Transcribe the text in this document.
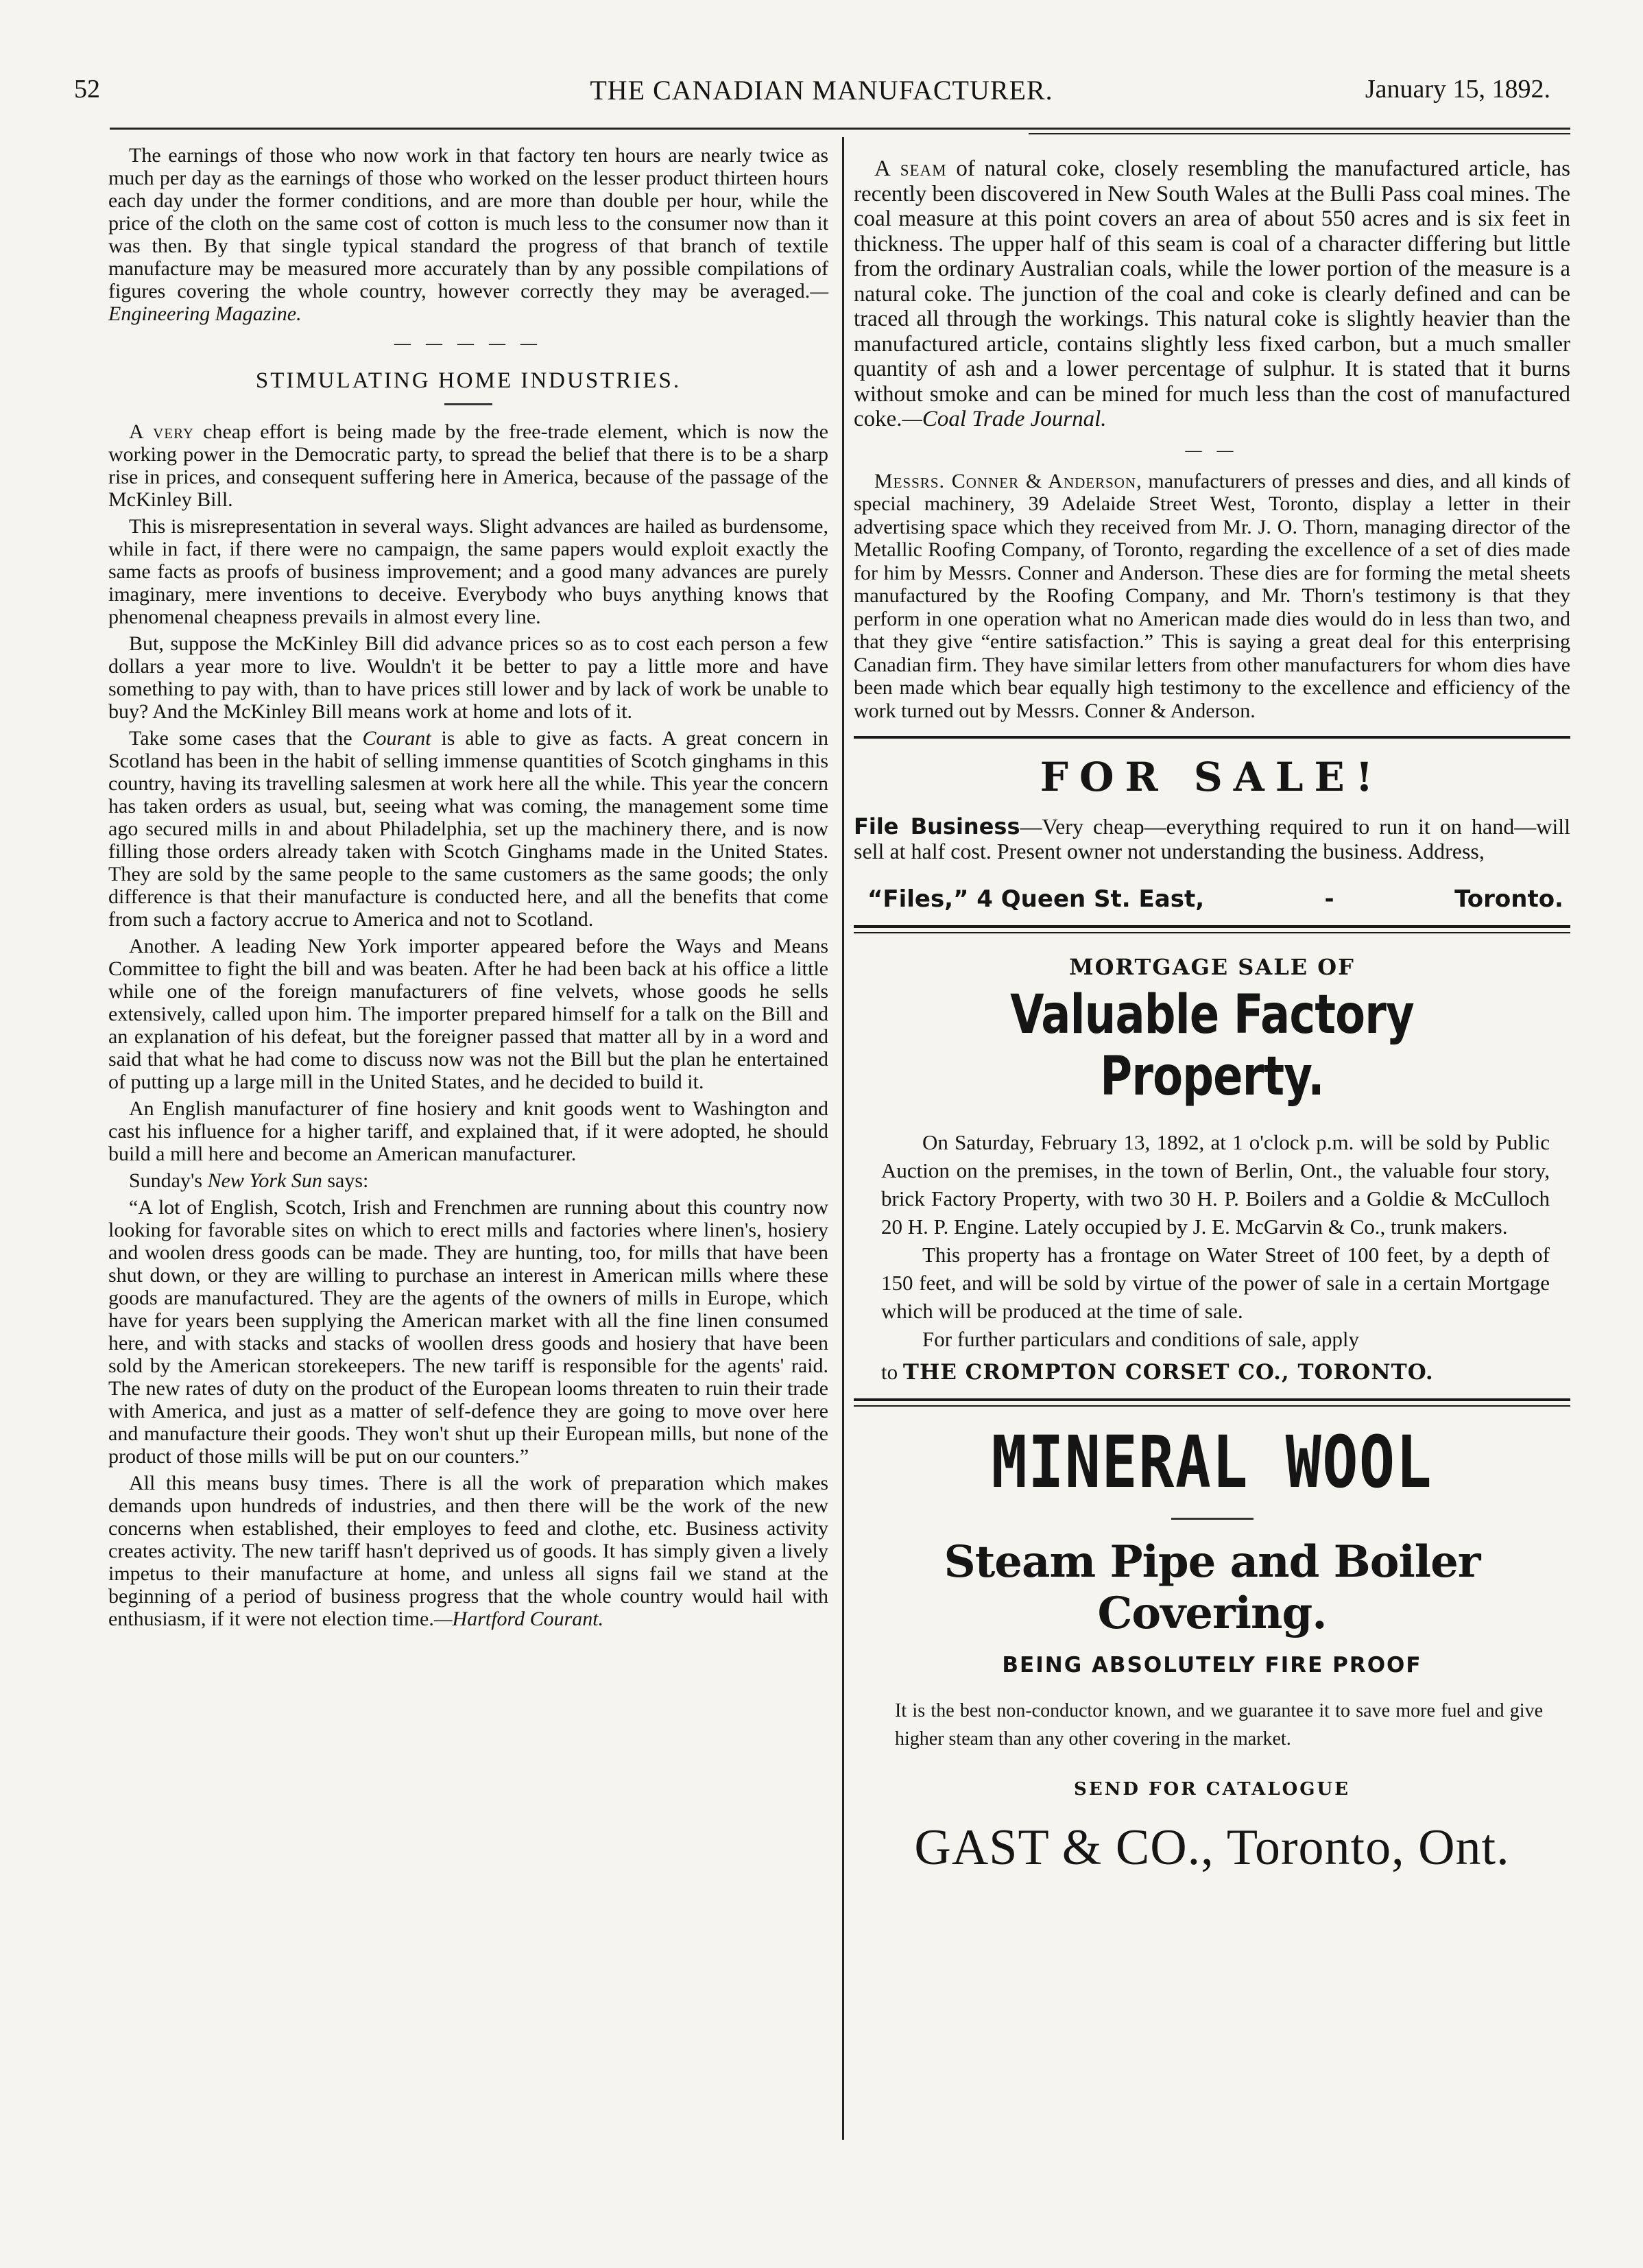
52	THE CANADIAN MANUFACTURER.	January 15, 1892.

The earnings of those who now work in that factory ten hours are nearly twice as much per day as the earnings of those who worked on the lesser product thirteen hours each day under the former conditions, and are more than double per hour, while the price of the cloth on the same cost of cotton is much less to the consumer now than it was then. By that single typical standard the progress of that branch of textile manufacture may be measured more accurately than by any possible compilations of figures covering the whole country, however correctly they may be averaged.—Engineering Magazine.

— — — — —
STIMULATING HOME INDUSTRIES.

A very cheap effort is being made by the free-trade element, which is now the working power in the Democratic party, to spread the belief that there is to be a sharp rise in prices, and consequent suffering here in America, because of the passage of the McKinley Bill.

This is misrepresentation in several ways. Slight advances are hailed as burdensome, while in fact, if there were no campaign, the same papers would exploit exactly the same facts as proofs of business improvement; and a good many advances are purely imaginary, mere inventions to deceive. Everybody who buys anything knows that phenomenal cheapness prevails in almost every line.

But, suppose the McKinley Bill did advance prices so as to cost each person a few dollars a year more to live. Wouldn't it be better to pay a little more and have something to pay with, than to have prices still lower and by lack of work be unable to buy? And the McKinley Bill means work at home and lots of it.

Take some cases that the Courant is able to give as facts. A great concern in Scotland has been in the habit of selling immense quantities of Scotch ginghams in this country, having its travelling salesmen at work here all the while. This year the concern has taken orders as usual, but, seeing what was coming, the management some time ago secured mills in and about Philadelphia, set up the machinery there, and is now filling those orders already taken with Scotch Ginghams made in the United States. They are sold by the same people to the same customers as the same goods; the only difference is that their manufacture is conducted here, and all the benefits that come from such a factory accrue to America and not to Scotland.

Another. A leading New York importer appeared before the Ways and Means Committee to fight the bill and was beaten. After he had been back at his office a little while one of the foreign manufacturers of fine velvets, whose goods he sells extensively, called upon him. The importer prepared himself for a talk on the Bill and an explanation of his defeat, but the foreigner passed that matter all by in a word and said that what he had come to discuss now was not the Bill but the plan he entertained of putting up a large mill in the United States, and he decided to build it.

An English manufacturer of fine hosiery and knit goods went to Washington and cast his influence for a higher tariff, and explained that, if it were adopted, he should build a mill here and become an American manufacturer.

Sunday's New York Sun says:

“A lot of English, Scotch, Irish and Frenchmen are running about this country now looking for favorable sites on which to erect mills and factories where linen's, hosiery and woolen dress goods can be made. They are hunting, too, for mills that have been shut down, or they are willing to purchase an interest in American mills where these goods are manufactured. They are the agents of the owners of mills in Europe, which have for years been supplying the American market with all the fine linen consumed here, and with stacks and stacks of woollen dress goods and hosiery that have been sold by the American storekeepers. The new tariff is responsible for the agents' raid. The new rates of duty on the product of the European looms threaten to ruin their trade with America, and just as a matter of self-defence they are going to move over here and manufacture their goods. They won't shut up their European mills, but none of the product of those mills will be put on our counters.”

All this means busy times. There is all the work of preparation which makes demands upon hundreds of industries, and then there will be the work of the new concerns when established, their employes to feed and clothe, etc. Business activity creates activity. The new tariff hasn't deprived us of goods. It has simply given a lively impetus to their manufacture at home, and unless all signs fail we stand at the beginning of a period of business progress that the whole country would hail with enthusiasm, if it were not election time.—Hartford Courant.

A seam of natural coke, closely resembling the manufactured article, has recently been discovered in New South Wales at the Bulli Pass coal mines. The coal measure at this point covers an area of about 550 acres and is six feet in thickness. The upper half of this seam is coal of a character differing but little from the ordinary Australian coals, while the lower portion of the measure is a natural coke. The junction of the coal and coke is clearly defined and can be traced all through the workings. This natural coke is slightly heavier than the manufactured article, contains slightly less fixed carbon, but a much smaller quantity of ash and a lower percentage of sulphur. It is stated that it burns without smoke and can be mined for much less than the cost of manufactured coke.—Coal Trade Journal.

— —

Messrs. Conner & Anderson, manufacturers of presses and dies, and all kinds of special machinery, 39 Adelaide Street West, Toronto, display a letter in their advertising space which they received from Mr. J. O. Thorn, managing director of the Metallic Roofing Company, of Toronto, regarding the excellence of a set of dies made for him by Messrs. Conner and Anderson. These dies are for forming the metal sheets manufactured by the Roofing Company, and Mr. Thorn's testimony is that they perform in one operation what no American made dies would do in less than two, and that they give “entire satisfaction.” This is saying a great deal for this enterprising Canadian firm. They have similar letters from other manufacturers for whom dies have been made which bear equally high testimony to the excellence and efficiency of the work turned out by Messrs. Conner & Anderson.

FOR SALE!
File Business—Very cheap—everything required to run it on hand—will sell at half cost. Present owner not understanding the business. Address,
“Files,” 4 Queen St. East,	-	Toronto.
MORTGAGE SALE OF
Valuable Factory Property.

On Saturday, February 13, 1892, at 1 o'clock p.m. will be sold by Public Auction on the premises, in the town of Berlin, Ont., the valuable four story, brick Factory Property, with two 30 H. P. Boilers and a Goldie & McCulloch 20 H. P. Engine. Lately occupied by J. E. McGarvin & Co., trunk makers.

This property has a frontage on Water Street of 100 feet, by a depth of 150 feet, and will be sold by virtue of the power of sale in a certain Mortgage which will be produced at the time of sale.

For further particulars and conditions of sale, apply

to THE CROMPTON CORSET CO., TORONTO.
MINERAL WOOL
Steam Pipe and Boiler Covering.
BEING ABSOLUTELY FIRE PROOF

It is the best non-conductor known, and we guarantee it to save more fuel and give higher steam than any other covering in the market.

SEND FOR CATALOGUE
GAST & CO., Toronto, Ont.
